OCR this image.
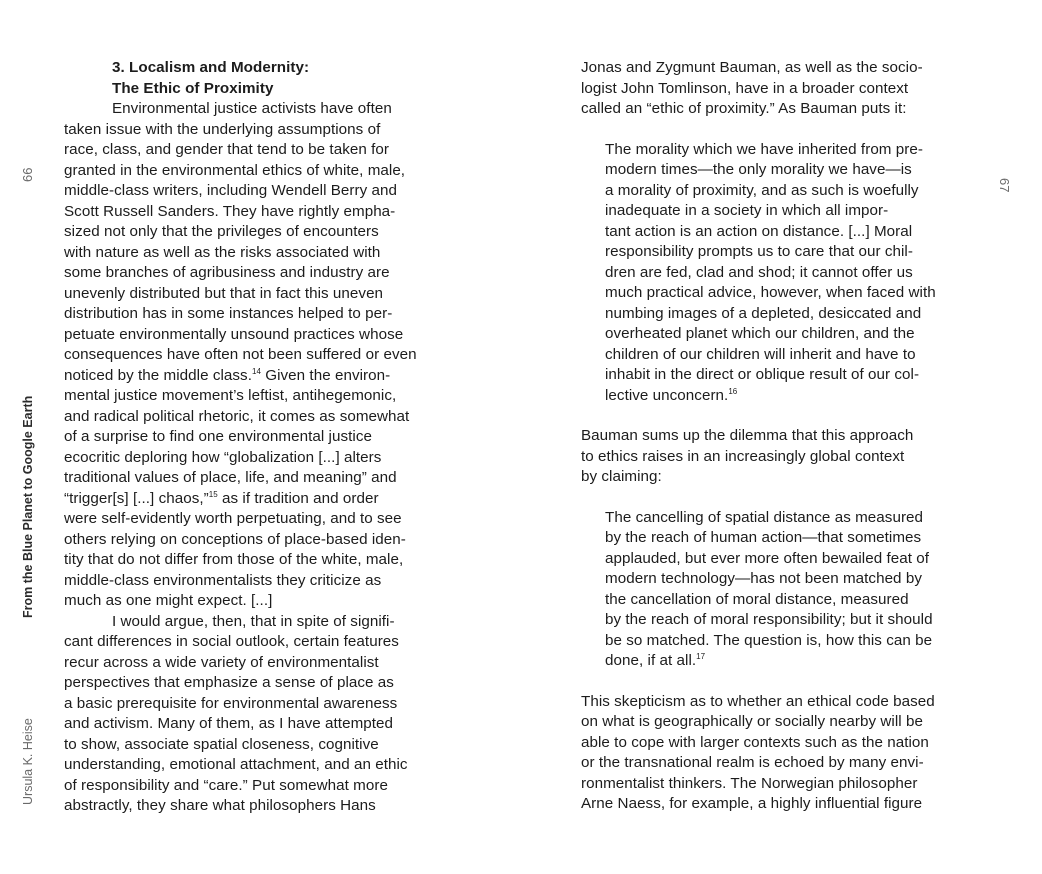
66
67
From the Blue Planet to Google Earth
Ursula K. Heise
3. Localism and Modernity:
The Ethic of Proximity
Environmental justice activists have often
taken issue with the underlying assumptions of
race, class, and gender that tend to be taken for
granted in the environmental ethics of white, male,
middle-class writers, including Wendell Berry and
Scott Russell Sanders. They have rightly empha-
sized not only that the privileges of encounters
with nature as well as the risks associated with
some branches of agribusiness and industry are
unevenly distributed but that in fact this uneven
distribution has in some instances helped to per-
petuate environmentally unsound practices whose
consequences have often not been suffered or even
noticed by the middle class.$^{14}$ Given the environ-
mental justice movement’s leftist, antihegemonic,
and radical political rhetoric, it comes as somewhat
of a surprise to find one environmental justice
ecocritic deploring how “globalization [...] alters
traditional values of place, life, and meaning” and
“trigger[s] [...] chaos,”$^{15}$ as if tradition and order
were self-evidently worth perpetuating, and to see
others relying on conceptions of place-based iden-
tity that do not differ from those of the white, male,
middle-class environmentalists they criticize as
much as one might expect. [...]
I would argue, then, that in spite of signifi-
cant differences in social outlook, certain features
recur across a wide variety of environmentalist
perspectives that emphasize a sense of place as
a basic prerequisite for environmental awareness
and activism. Many of them, as I have attempted
to show, associate spatial closeness, cognitive
understanding, emotional attachment, and an ethic
of responsibility and “care.” Put somewhat more
abstractly, they share what philosophers Hans
Jonas and Zygmunt Bauman, as well as the socio-
logist John Tomlinson, have in a broader context
called an “ethic of proximity.” As Bauman puts it:
The morality which we have inherited from pre-
modern times—the only morality we have—is
a morality of proximity, and as such is woefully
inadequate in a society in which all impor-
tant action is an action on distance. [...] Moral
responsibility prompts us to care that our chil-
dren are fed, clad and shod; it cannot offer us
much practical advice, however, when faced with
numbing images of a depleted, desiccated and
overheated planet which our children, and the
children of our children will inherit and have to
inhabit in the direct or oblique result of our col-
lective unconcern.$^{16}$
Bauman sums up the dilemma that this approach
to ethics raises in an increasingly global context
by claiming:
The cancelling of spatial distance as measured
by the reach of human action—that sometimes
applauded, but ever more often bewailed feat of
modern technology—has not been matched by
the cancellation of moral distance, measured
by the reach of moral responsibility; but it should
be so matched. The question is, how this can be
done, if at all.$^{17}$
This skepticism as to whether an ethical code based
on what is geographically or socially nearby will be
able to cope with larger contexts such as the nation
or the transnational realm is echoed by many envi-
ronmentalist thinkers. The Norwegian philosopher
Arne Naess, for example, a highly influential figure
